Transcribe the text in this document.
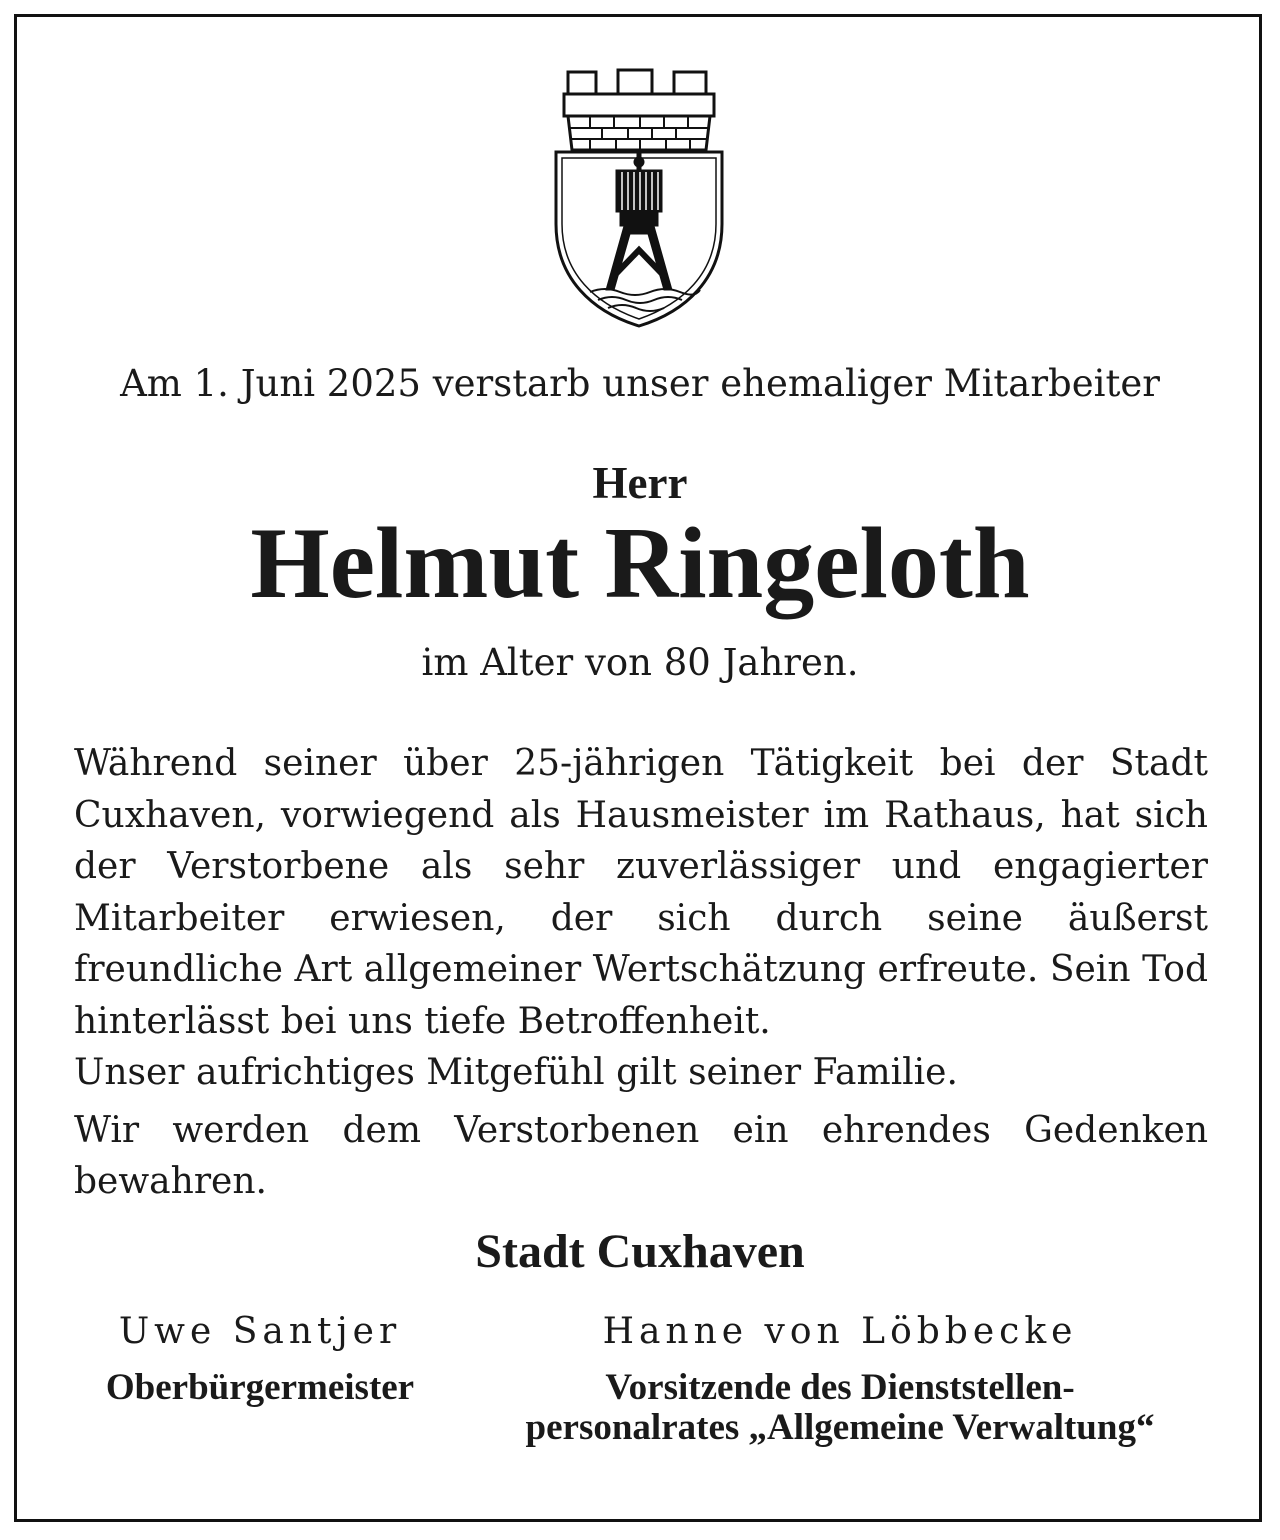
Am 1. Juni 2025 verstarb unser ehemaliger Mitarbeiter
Herr
Helmut Ringeloth
im Alter von 80 Jahren.

Während seiner über 25-jährigen Tätigkeit bei der Stadt Cuxhaven, vorwiegend als Hausmeister im Rathaus, hat sich der Verstorbene als sehr zuverlässiger und engagierter Mitarbeiter erwiesen, der sich durch seine äußerst freundliche Art allgemeiner Wertschätzung erfreute. Sein Tod hinterlässt bei uns tiefe Betroffenheit.

Unser aufrichtiges Mitgefühl gilt seiner Familie.

Wir werden dem Verstorbenen ein ehrendes Gedenken bewahren.

Stadt Cuxhaven
Uwe Santjer
Oberbürgermeister
Hanne von Löbbecke
Vorsitzende des Dienststellen-
personalrates „Allgemeine Verwaltung“
